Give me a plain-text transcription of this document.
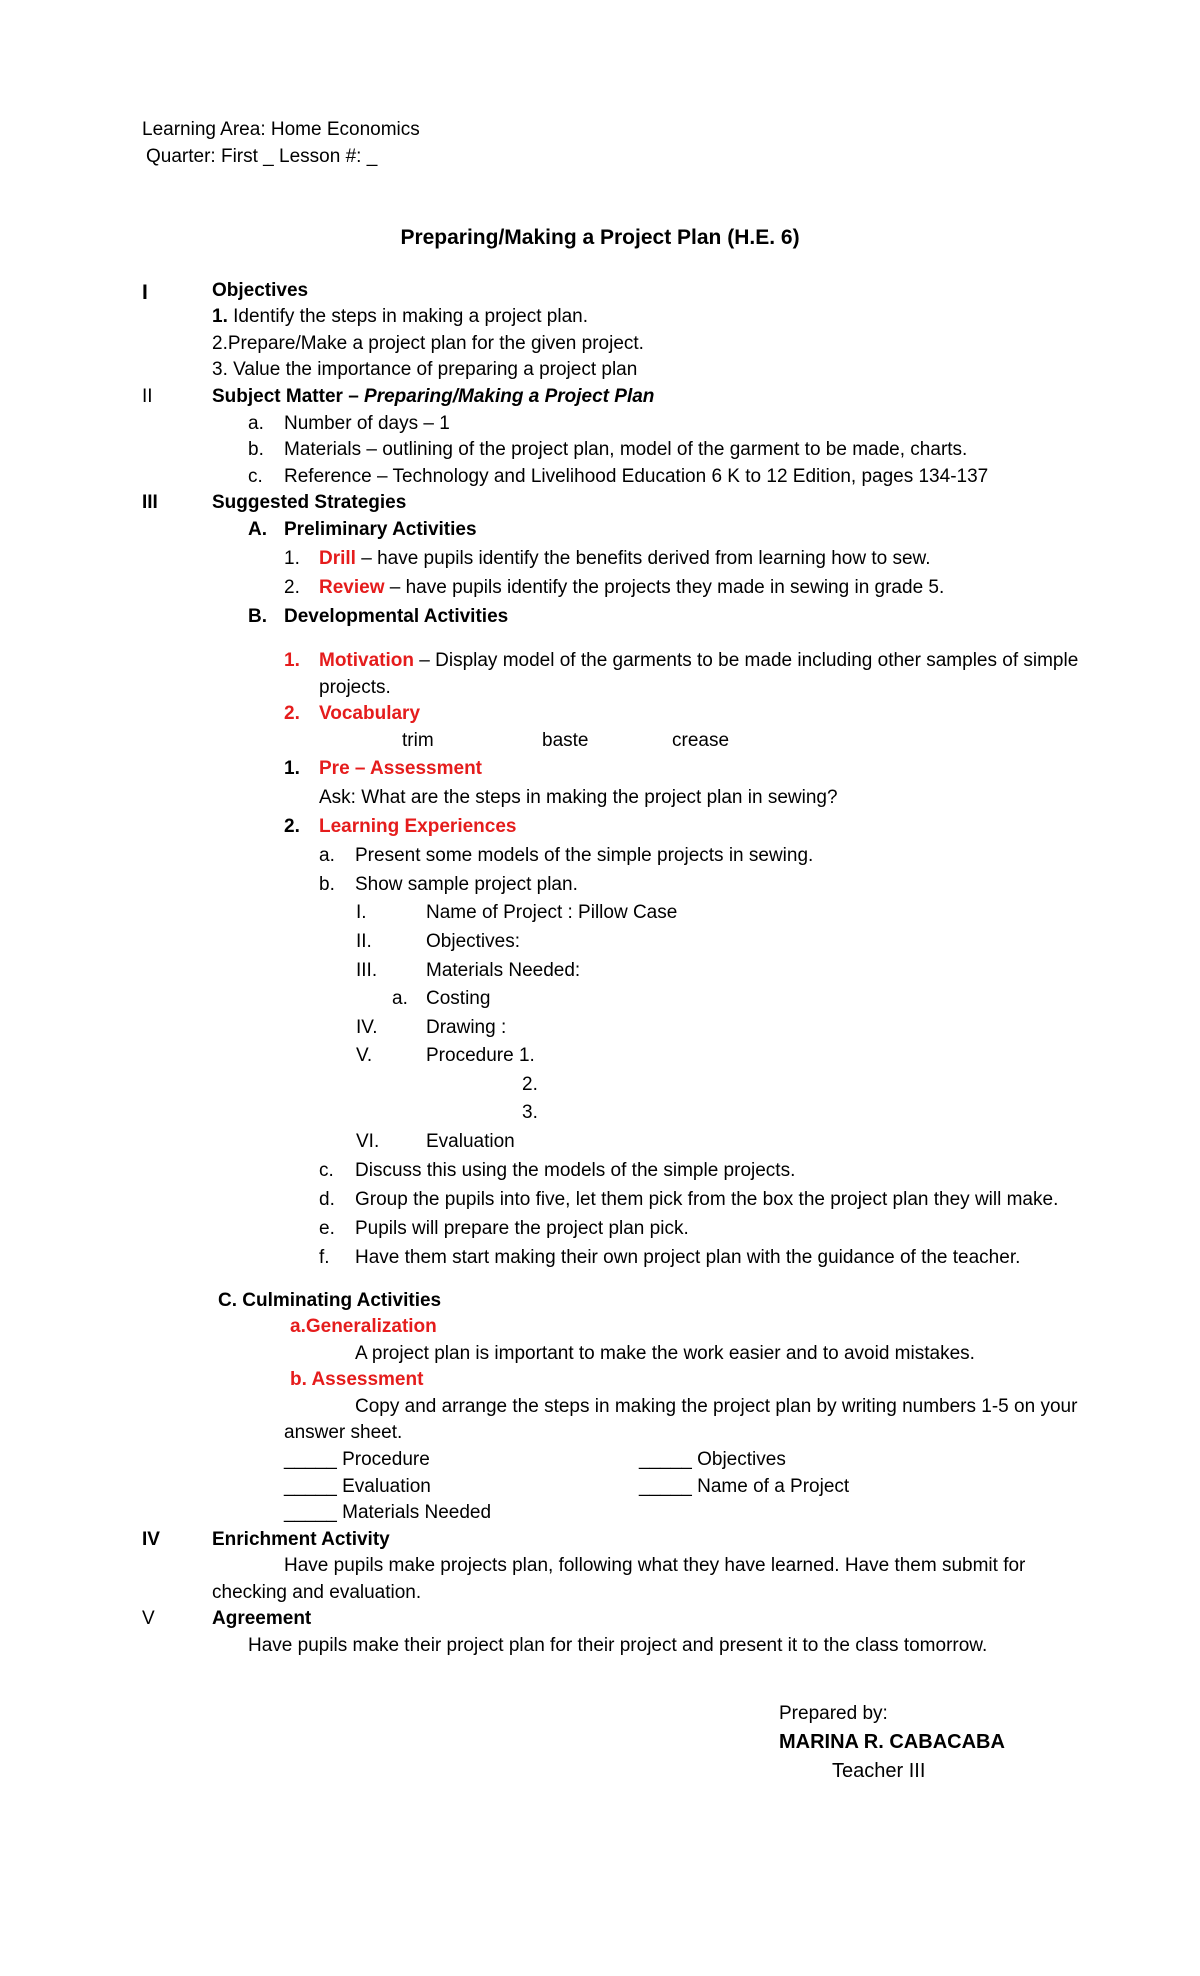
Learning Area: Home Economics
Quarter: First _ Lesson #: _
Preparing/Making a Project Plan (H.E. 6)
I	Objectives
1. Identify the steps in making a project plan.
2.Prepare/Make a project plan for the given project.
3. Value the importance of preparing a project plan
II	Subject Matter – Preparing/Making a Project Plan
a. Number of days – 1
b. Materials – outlining of the project plan, model of the garment to be made, charts.
c. Reference – Technology and Livelihood Education 6 K to 12 Edition, pages 134-137
III	Suggested Strategies
A. Preliminary Activities
1. Drill – have pupils identify the benefits derived from learning how to sew.
2. Review – have pupils identify the projects they made in sewing in grade 5.
B. Developmental Activities
1. Motivation – Display model of the garments to be made including other samples of simple
projects.
2. Vocabulary
trim	baste	crease
1. Pre – Assessment
Ask: What are the steps in making the project plan in sewing?
2. Learning Experiences
a. Present some models of the simple projects in sewing.
b. Show sample project plan.
I.	Name of Project : Pillow Case
II.	Objectives:
III.	Materials Needed:
a. Costing
IV.	Drawing :
V.	Procedure 1.
2.
3.
VI. Evaluation
c. Discuss this using the models of the simple projects.
d. Group the pupils into five, let them pick from the box the project plan they will make.
e. Pupils will prepare the project plan pick.
f. Have them start making their own project plan with the guidance of the teacher.
C. Culminating Activities
a.Generalization
A project plan is important to make the work easier and to avoid mistakes.
b. Assessment
Copy and arrange the steps in making the project plan by writing numbers 1-5 on your
answer sheet.
_____ Procedure	_____ Objectives
_____ Evaluation	_____ Name of a Project
_____ Materials Needed
IV	Enrichment Activity
Have pupils make projects plan, following what they have learned. Have them submit for
checking and evaluation.
V	Agreement
Have pupils make their project plan for their project and present it to the class tomorrow.
Prepared by:
MARINA R. CABACABA
Teacher III
